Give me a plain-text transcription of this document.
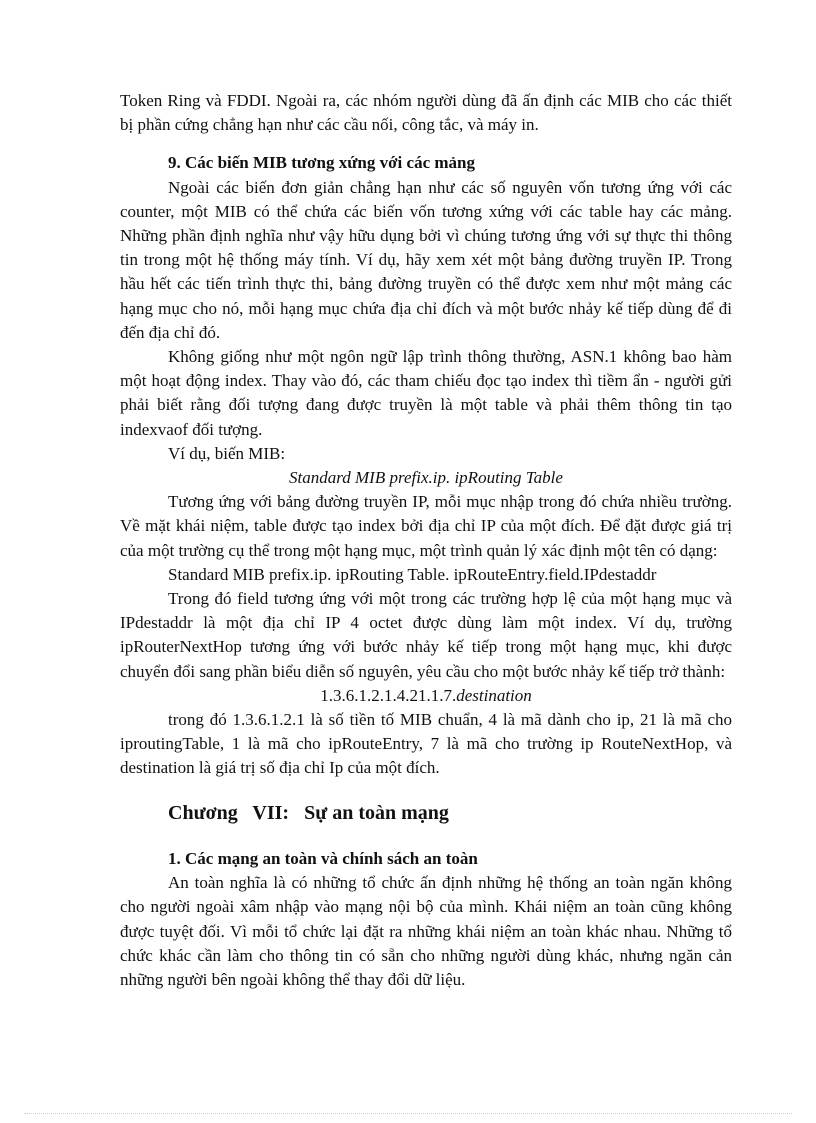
Token Ring và FDDI. Ngoài ra, các nhóm người dùng đã ấn định các MIB cho các thiết bị phần cứng chẳng hạn như các cầu nối, công tắc, và máy in.

9. Các biến MIB tương xứng với các mảng

Ngoài các biến đơn giản chẳng hạn như các số nguyên vốn tương ứng với các counter, một MIB có thể chứa các biến vốn tương xứng với các table hay các mảng. Những phần định nghĩa như vậy hữu dụng bởi vì chúng tương ứng với sự thực thi thông tin trong một hệ thống máy tính. Ví dụ, hãy xem xét một bảng đường truyền IP. Trong hầu hết các tiến trình thực thi, bảng đường truyền có thể được xem như một mảng các hạng mục cho nó, mỗi hạng mục chứa địa chỉ đích và một bước nhảy kế tiếp dùng để đi đến địa chỉ đó.

Không giống như một ngôn ngữ lập trình thông thường, ASN.1 không bao hàm một hoạt động index. Thay vào đó, các tham chiếu đọc tạo index thì tiềm ẩn - người gửi phải biết rằng đối tượng đang được truyền là một table và phải thêm thông tin tạo indexvaof đối tượng.

Ví dụ, biến MIB:

Standard MIB prefix.ip. ipRouting Table

Tương ứng với bảng đường truyền IP, mỗi mục nhập trong đó chứa nhiều trường. Về mặt khái niệm, table được tạo index bởi địa chỉ IP của một đích. Để đặt được giá trị của một trường cụ thể trong một hạng mục, một trình quản lý xác định một tên có dạng:

Standard MIB prefix.ip. ipRouting Table. ipRouteEntry.field.IPdestaddr

Trong đó field tương ứng với một trong các trường hợp lệ của một hạng mục và IPdestaddr là một địa chỉ IP 4 octet được dùng làm một index. Ví dụ, trường ipRouterNextHop tương ứng với bước nhảy kế tiếp trong một hạng mục, khi được chuyển đổi sang phần biểu diễn số nguyên, yêu cầu cho một bước nhảy kế tiếp trở thành:

1.3.6.1.2.1.4.21.1.7.destination

trong đó 1.3.6.1.2.1 là số tiền tố MIB chuẩn, 4 là mã dành cho ip, 21 là mã cho iproutingTable, 1 là mã cho ipRouteEntry, 7 là mã cho trường ip RouteNextHop, và destination là giá trị số địa chỉ Ip của một đích.

Chương   VII:   Sự an toàn mạng

1. Các mạng an toàn và chính sách an toàn

An toàn nghĩa là có những tổ chức ấn định những hệ thống an toàn ngăn không cho người ngoài xâm nhập vào mạng nội bộ của mình. Khái niệm an toàn cũng không được tuyệt đối. Vì mỗi tổ chức lại đặt ra những khái niệm an toàn khác nhau. Những tổ chức khác cần làm cho thông tin có sẵn cho những người dùng khác, nhưng ngăn cản những người bên ngoài không thể thay đổi dữ liệu.
